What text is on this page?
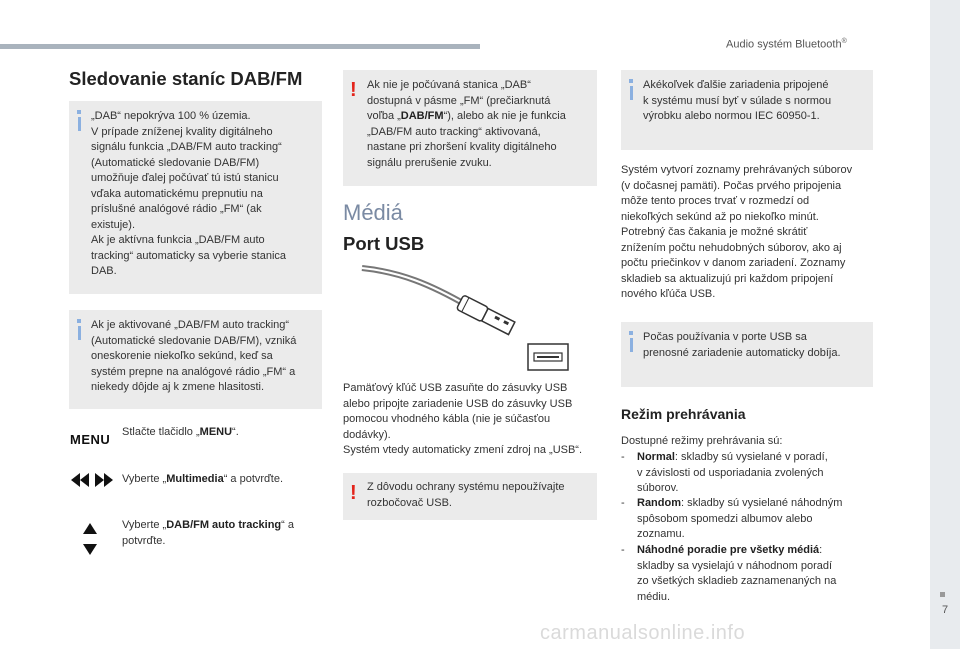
Audio systém Bluetooth®
7
carmanualsonline.info
Sledovanie staníc DAB/FM
„DAB“ nepokrýva 100 % územia.
V prípade zníženej kvality digitálneho
signálu funkcia „DAB/FM auto tracking“
(Automatické sledovanie DAB/FM)
umožňuje ďalej počúvať tú istú stanicu
vďaka automatickému prepnutiu na
príslušné analógové rádio „FM“ (ak
existuje).
Ak je aktívna funkcia „DAB/FM auto
tracking“ automaticky sa vyberie stanica
DAB.
Ak je aktivované „DAB/FM auto tracking“
(Automatické sledovanie DAB/FM), vzniká
oneskorenie niekoľko sekúnd, keď sa
systém prepne na analógové rádio „FM“ a
niekedy dôjde aj k zmene hlasitosti.
MENU Stlačte tlačidlo „MENU“.
Vyberte „Multimedia“ a potvrďte.
Vyberte „DAB/FM auto tracking“ a
potvrďte.
! Ak nie je počúvaná stanica „DAB“
dostupná v pásme „FM“ (prečiarknutá
voľba „DAB/FM“), alebo ak nie je funkcia
„DAB/FM auto tracking“ aktivovaná,
nastane pri zhoršení kvality digitálneho
signálu prerušenie zvuku.
Médiá
Port USB
Pamäťový kľúč USB zasuňte do zásuvky USB
alebo pripojte zariadenie USB do zásuvky USB
pomocou vhodného kábla (nie je súčasťou
dodávky).
Systém vtedy automaticky zmení zdroj na „USB“.
! Z dôvodu ochrany systému nepoužívajte
rozbočovač USB.
Akékoľvek ďalšie zariadenia pripojené
k systému musí byť v súlade s normou
výrobku alebo normou IEC 60950-1.
Systém vytvorí zoznamy prehrávaných súborov
(v dočasnej pamäti). Počas prvého pripojenia
môže tento proces trvať v rozmedzí od
niekoľkých sekúnd až po niekoľko minút.
Potrebný čas čakania je možné skrátiť
znížením počtu nehudobných súborov, ako aj
počtu priečinkov v danom zariadení. Zoznamy
skladieb sa aktualizujú pri každom pripojení
nového kľúča USB.
Počas používania v porte USB sa
prenosné zariadenie automaticky dobíja.
Režim prehrávania
Dostupné režimy prehrávania sú:
- Normal: skladby sú vysielané v poradí,
v závislosti od usporiadania zvolených
súborov.
- Random: skladby sú vysielané náhodným
spôsobom spomedzi albumov alebo
zoznamu.
- Náhodné poradie pre všetky médiá:
skladby sa vysielajú v náhodnom poradí
zo všetkých skladieb zaznamenaných na
médiu.
